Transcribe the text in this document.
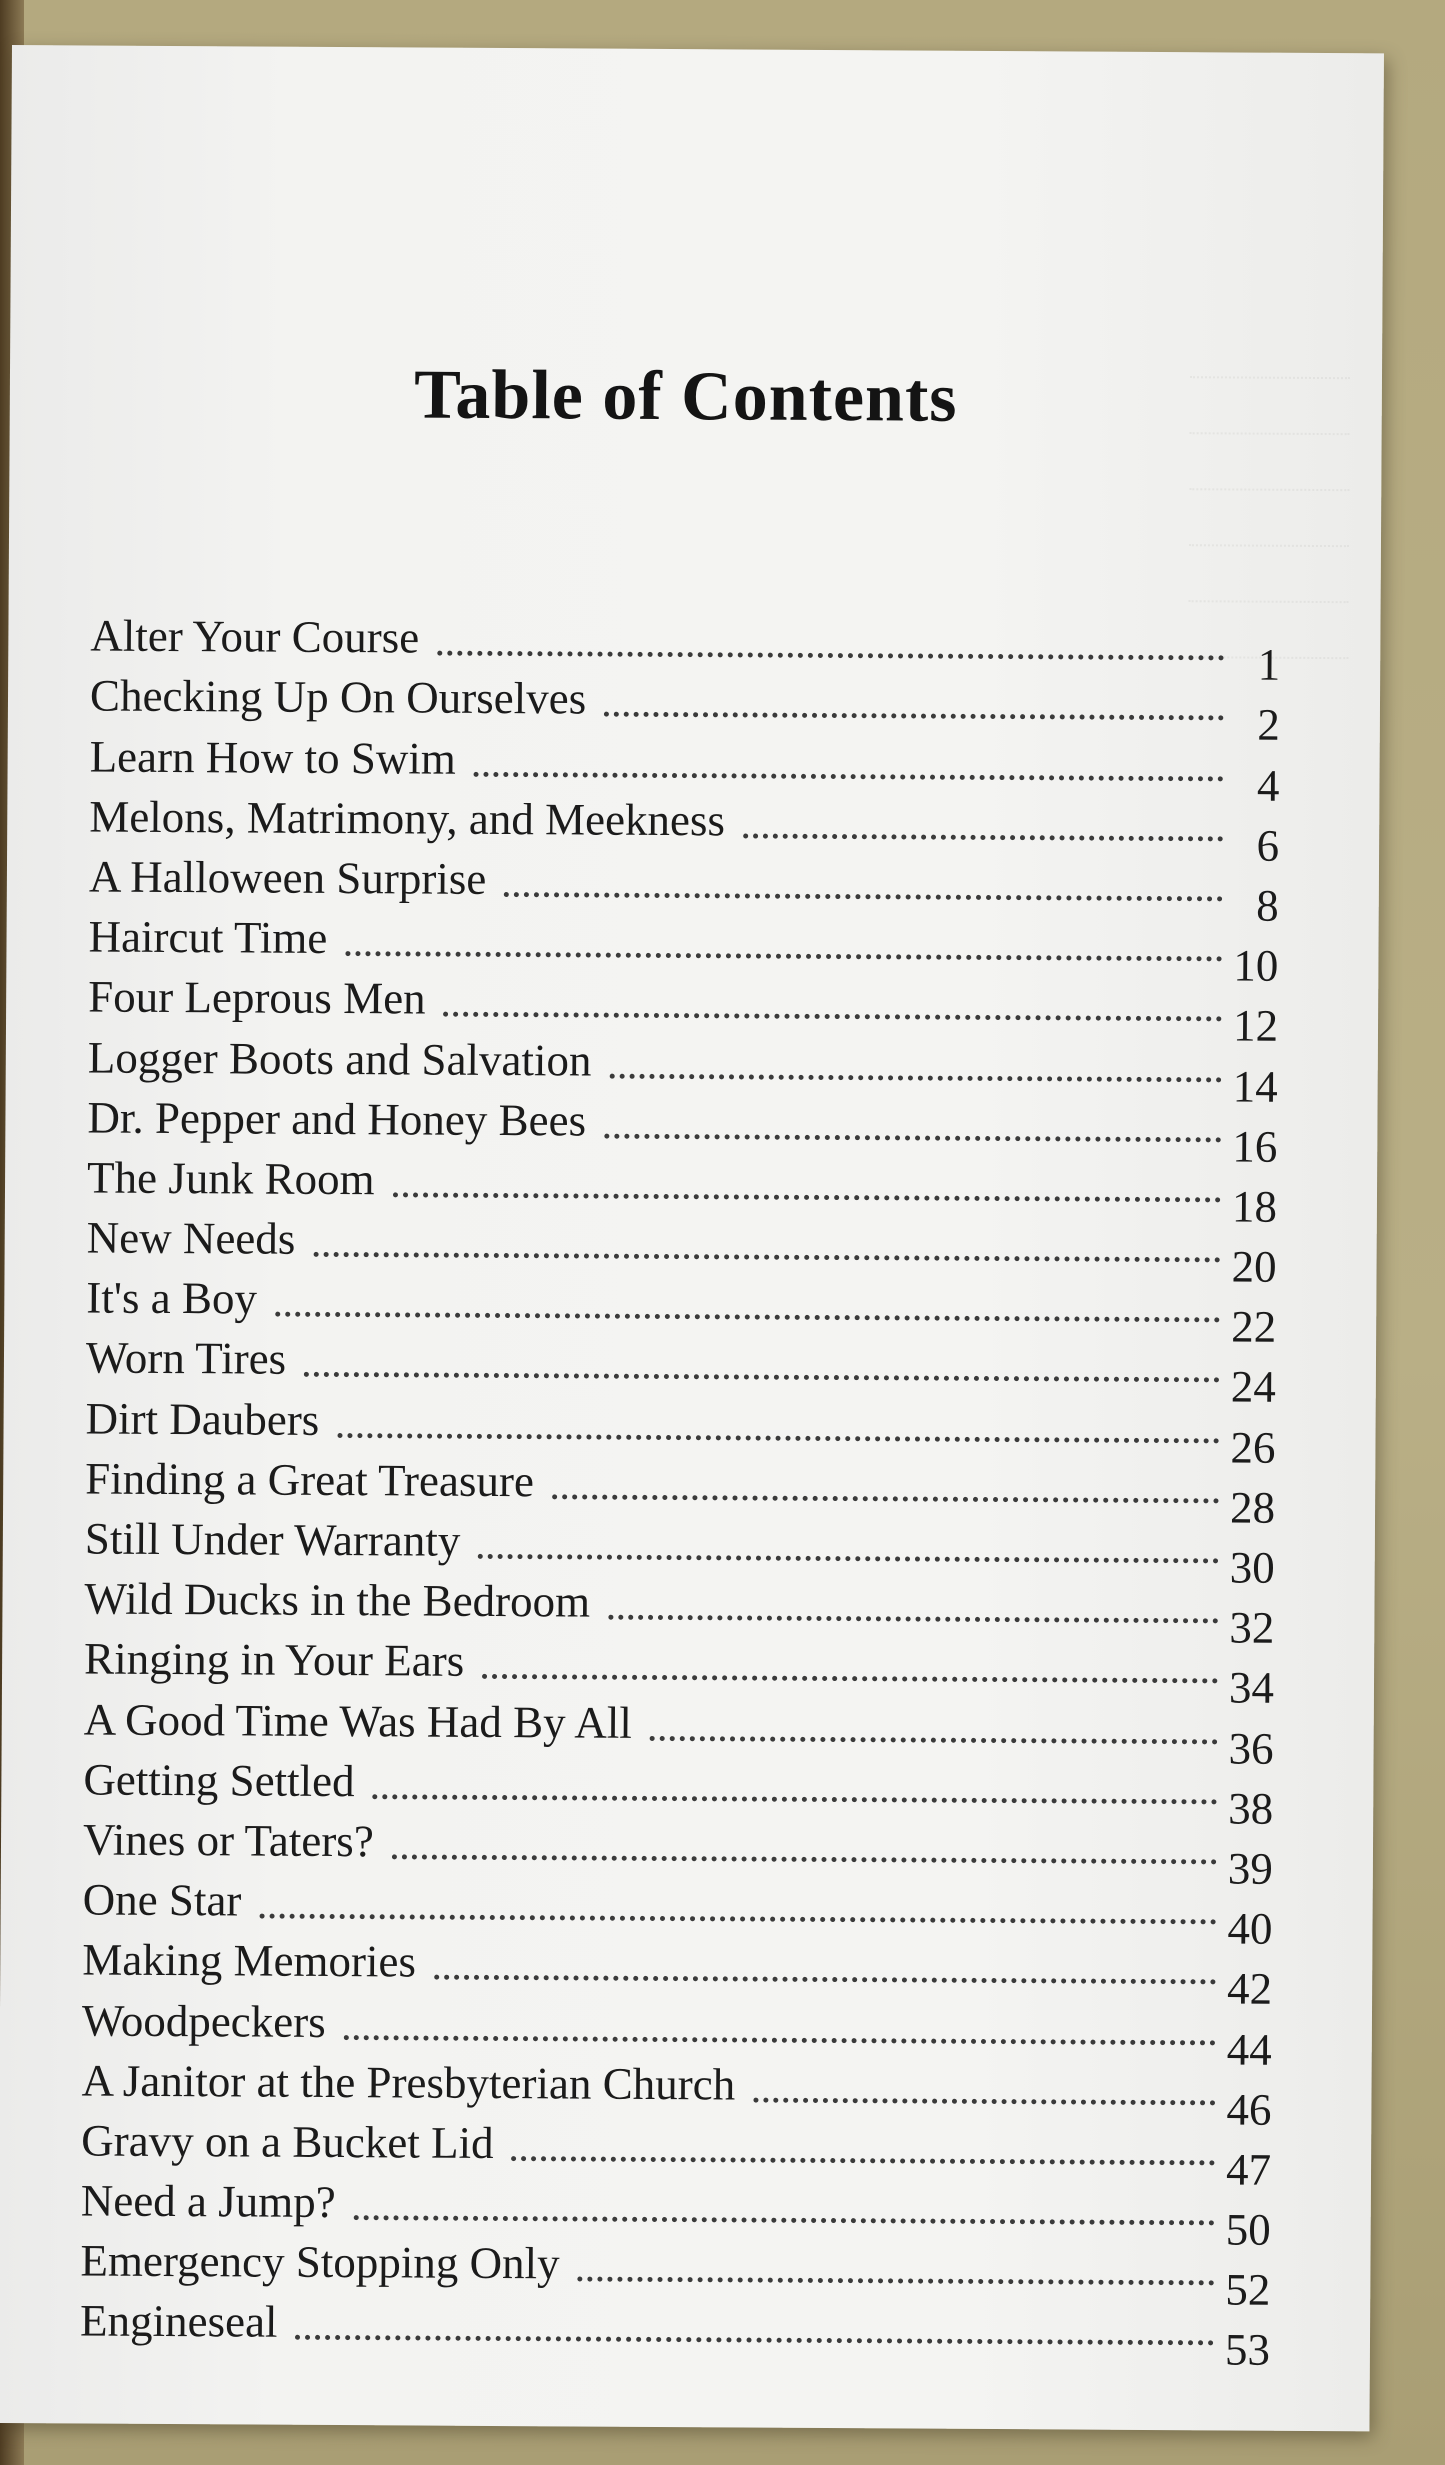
Table of Contents
Alter Your Course
1
Checking Up On Ourselves
2
Learn How to Swim
4
Melons, Matrimony, and Meekness
6
A Halloween Surprise
8
Haircut Time
10
Four Leprous Men
12
Logger Boots and Salvation
14
Dr. Pepper and Honey Bees
16
The Junk Room
18
New Needs
20
It's a Boy
22
Worn Tires
24
Dirt Daubers
26
Finding a Great Treasure
28
Still Under Warranty
30
Wild Ducks in the Bedroom
32
Ringing in Your Ears
34
A Good Time Was Had By All
36
Getting Settled
38
Vines or Taters?
39
One Star
40
Making Memories
42
Woodpeckers
44
A Janitor at the Presbyterian Church
46
Gravy on a Bucket Lid
47
Need a Jump?
50
Emergency Stopping Only
52
Engineseal
53
